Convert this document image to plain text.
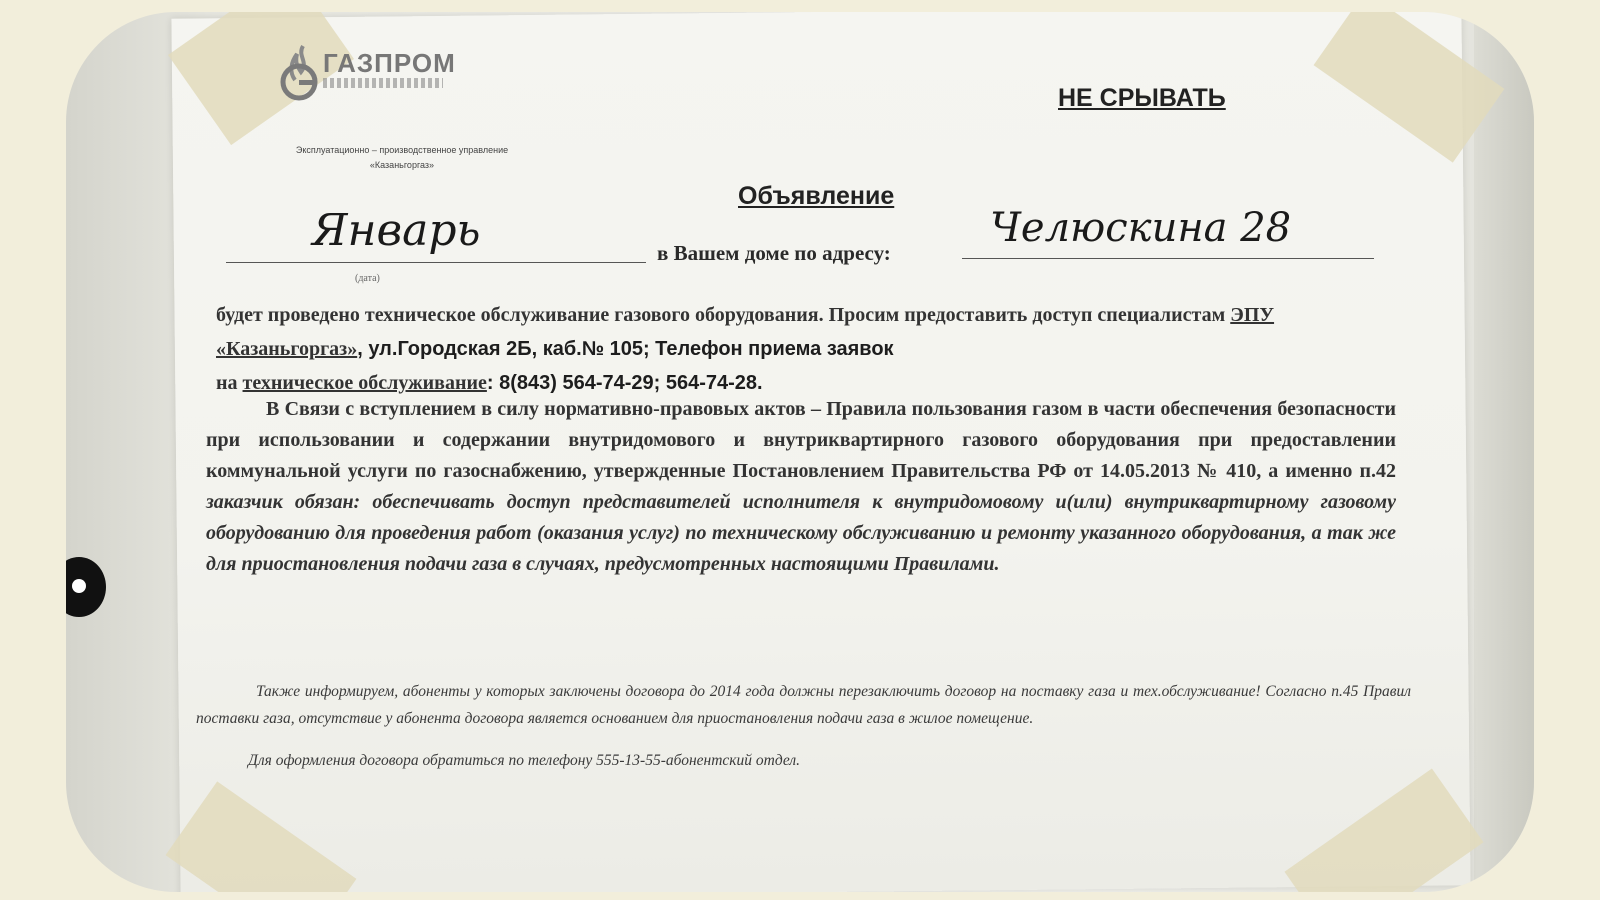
ГАЗПРОМ
Эксплуатационно – производственное управление
«Казаньгоргаз»
НЕ СРЫВАТЬ
Объявление
Январь
(дата)
в Вашем доме по адресу:
Челюскина 28
будет проведено техническое обслуживание газового оборудования. Просим предоставить доступ специалистам ЭПУ «Казаньгоргаз», ул.Городская 2Б, каб.№ 105; Телефон приема заявок
на техническое обслуживание: 8(843) 564-74-29; 564-74-28.
В Связи с вступлением в силу нормативно-правовых актов – Правила пользования газом в части обеспечения безопасности при использовании и содержании внутридомового и внутриквартирного газового оборудования при предоставлении коммунальной услуги по газоснабжению, утвержденные Постановлением Правительства РФ от 14.05.2013 № 410, а именно п.42 заказчик обязан: обеспечивать доступ представителей исполнителя к внутридомовому и(или) внутриквартирному газовому оборудованию для проведения работ (оказания услуг) по техническому обслуживанию и ремонту указанного оборудования, а так же для приостановления подачи газа в случаях, предусмотренных настоящими Правилами.
Также информируем, абоненты у которых заключены договора до 2014 года должны перезаключить договор на поставку газа и тех.обслуживание! Согласно п.45 Правил поставки газа, отсутствие у абонента договора является основанием для приостановления подачи газа в жилое помещение.
Для оформления договора обратиться по телефону 555-13-55-абонентский отдел.
